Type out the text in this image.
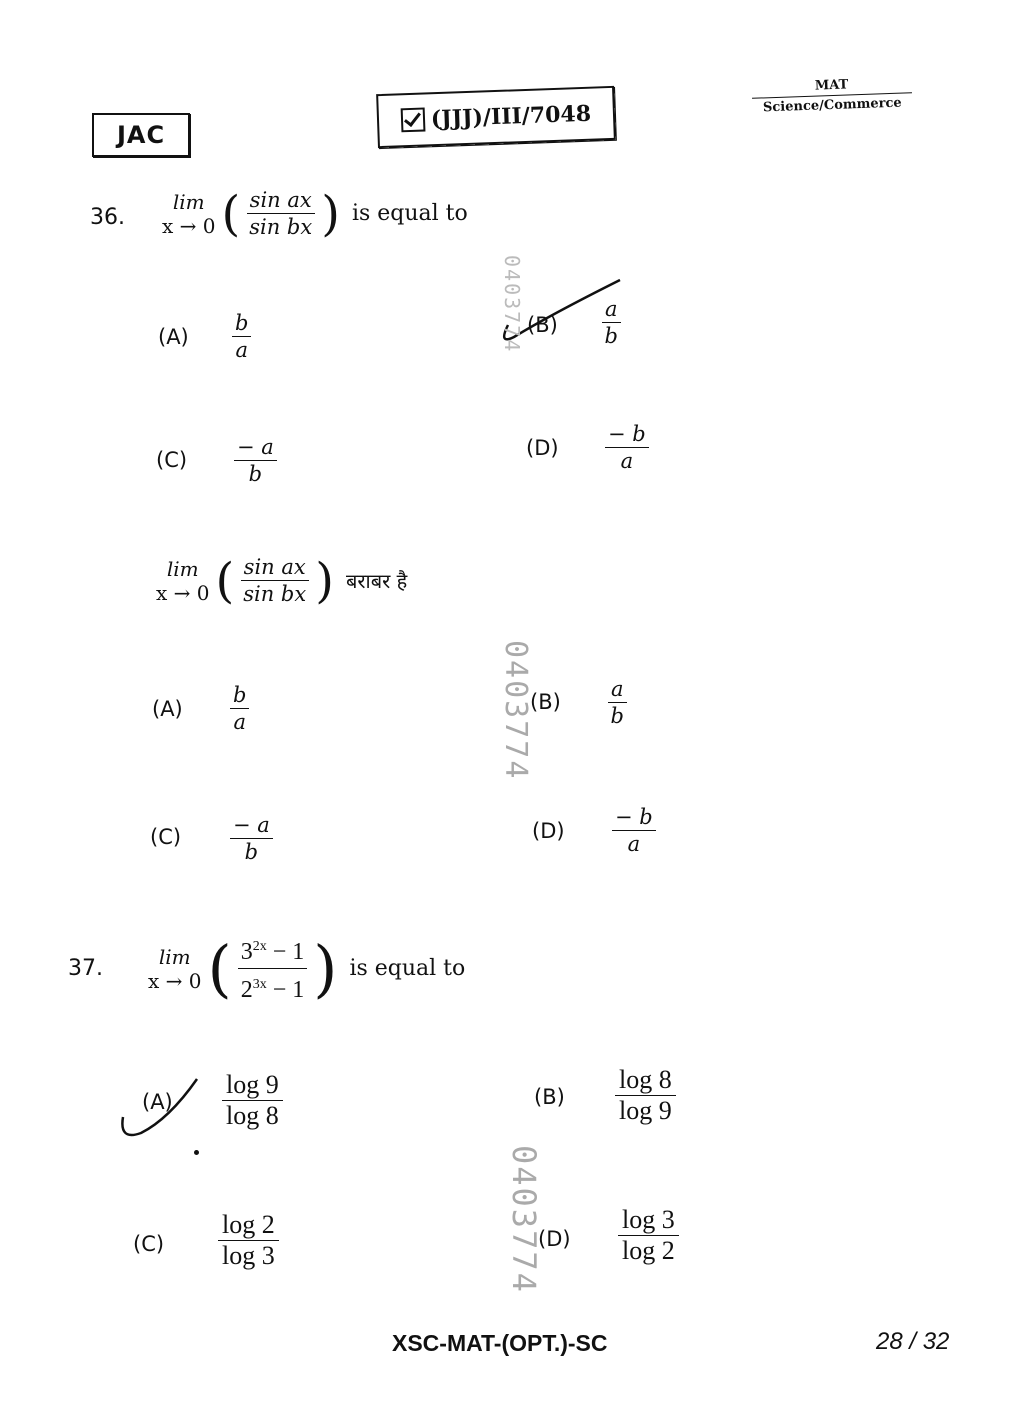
JAC
(JJJ)/III/7048
MAT
Science/Commerce
36.
lim
x → 0 ( $\frac{\text{sin ax}}{\text{sin bx}}$ ) is equal to
(A)
b
a
(B)
a
b
(C)
− a
b
(D)
− b
a
lim
x → 0 ( $\frac{\text{sin ax}}{\text{sin bx}}$ ) बराबर है
(A)
b
a
(B)
a
b
(C) − a
b
(D)
− b
a
37.	lim
x → 0 ( $\frac{3^{2x} - 1}{2^{3x} - 1}$ ) is equal to
(A)
log 9
log 8
(B)
log 8
log 9
(C)
log 2
log 3
(D)
log 3
log 2
0403774
0403774
0403774
XSC-MAT-(OPT.)-SC	28 / 32
